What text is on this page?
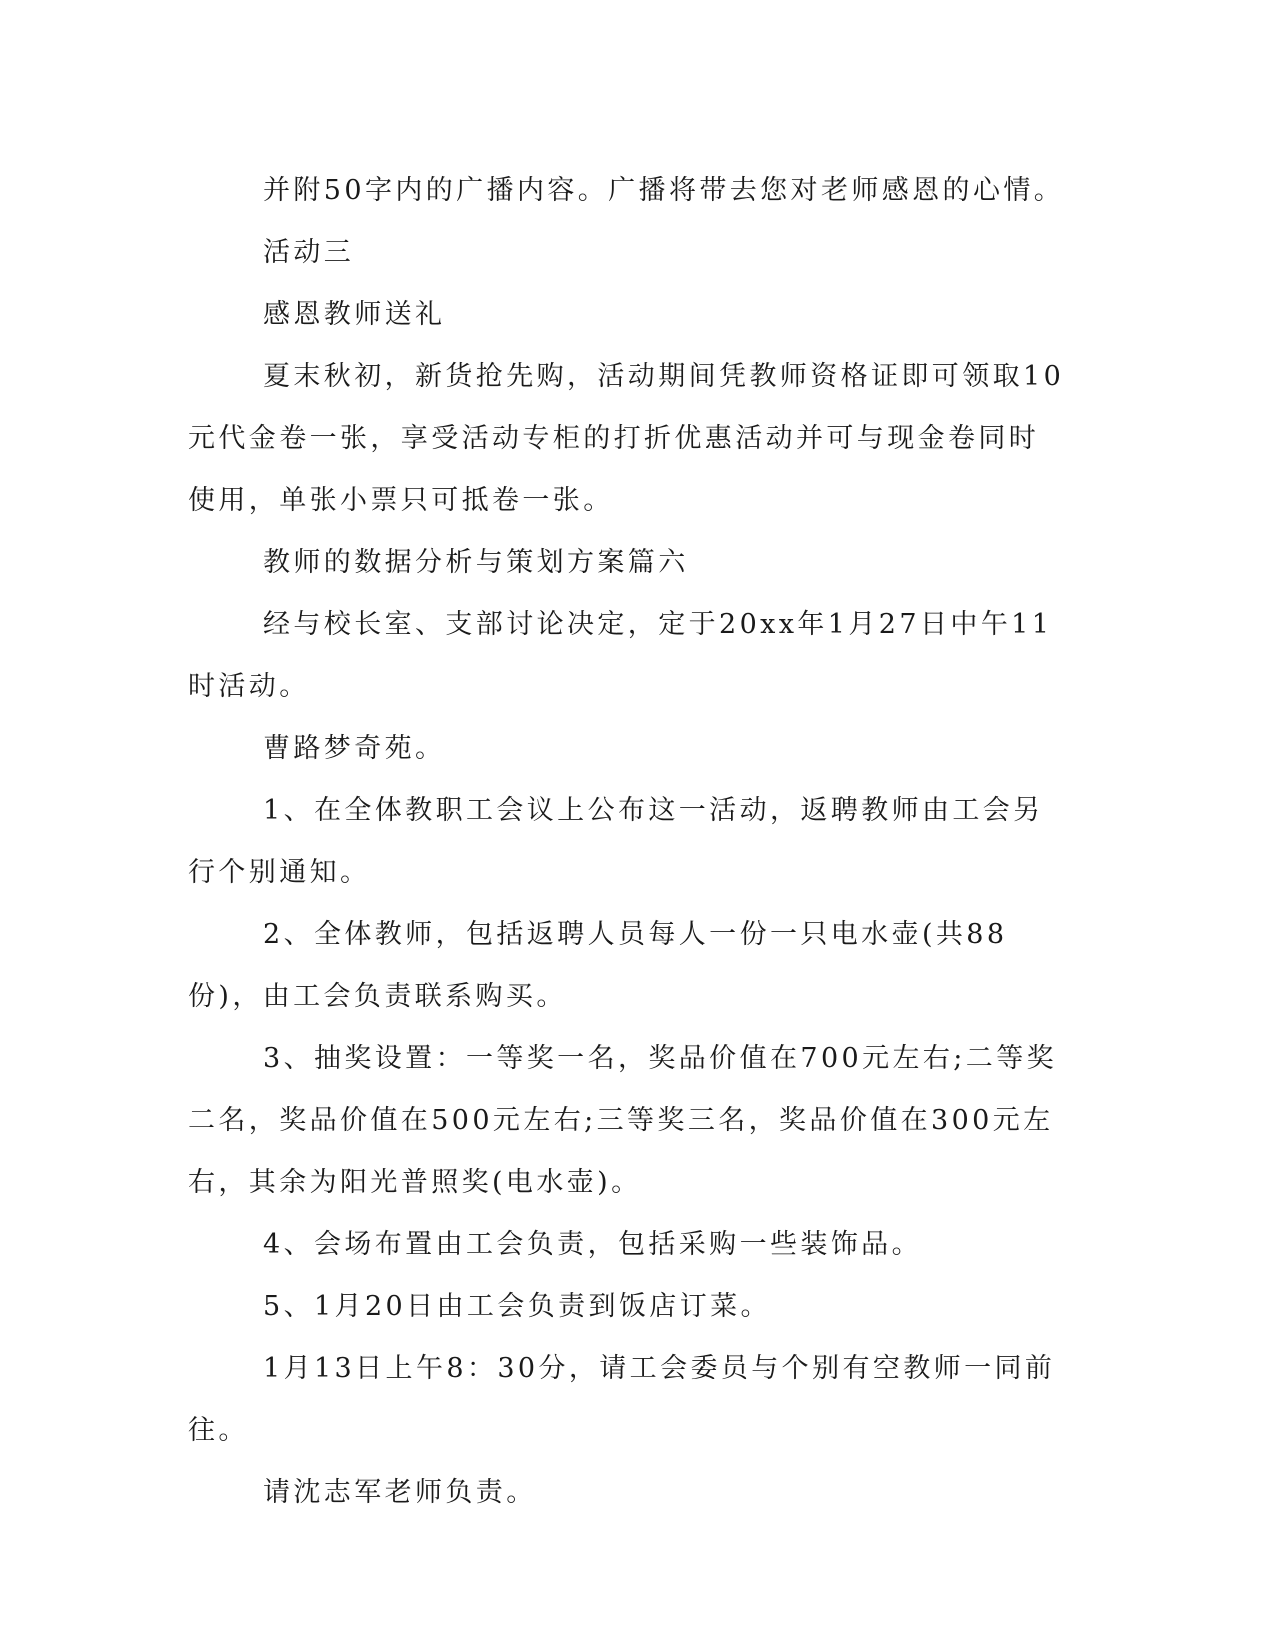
并附50字内的广播内容。广播将带去您对老师感恩的心情。

活动三

感恩教师送礼

夏末秋初，新货抢先购，活动期间凭教师资格证即可领取10元代金卷一张，享受活动专柜的打折优惠活动并可与现金卷同时使用，单张小票只可抵卷一张。

教师的数据分析与策划方案篇六

经与校长室、支部讨论决定，定于20xx年1月27日中午11时活动。

曹路梦奇苑。

1、在全体教职工会议上公布这一活动，返聘教师由工会另行个别通知。

2、全体教师，包括返聘人员每人一份一只电水壶(共88份)，由工会负责联系购买。

3、抽奖设置：一等奖一名，奖品价值在700元左右;二等奖二名，奖品价值在500元左右;三等奖三名，奖品价值在300元左右，其余为阳光普照奖(电水壶)。

4、会场布置由工会负责，包括采购一些装饰品。

5、1月20日由工会负责到饭店订菜。

1月13日上午8：30分，请工会委员与个别有空教师一同前往。

请沈志军老师负责。
